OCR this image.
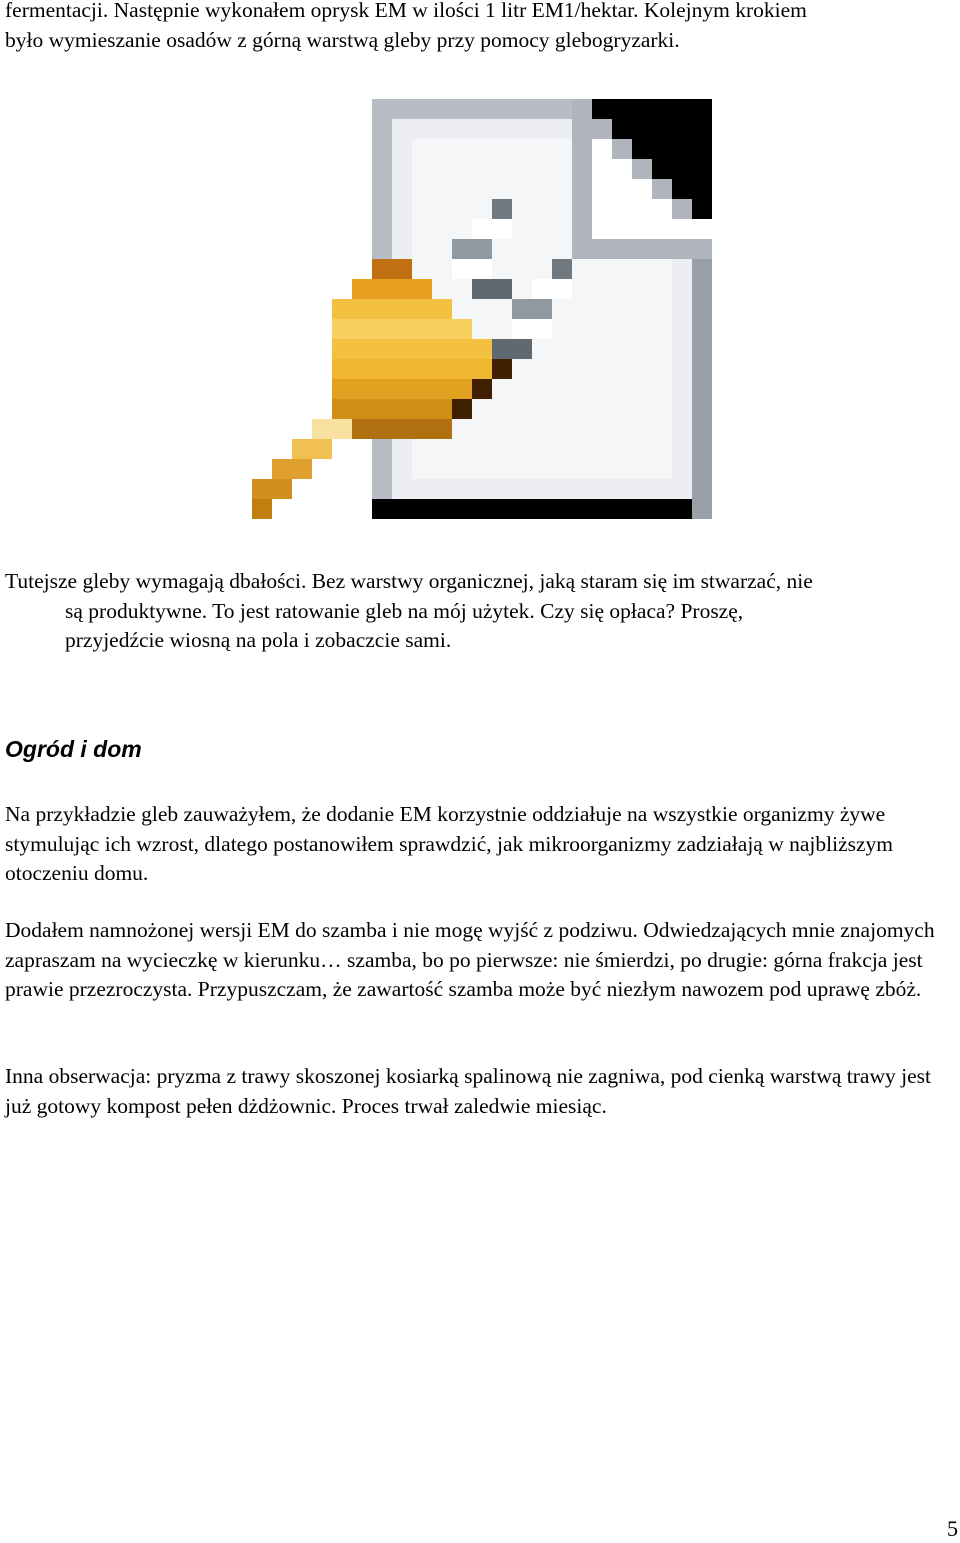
fermentacji. Następnie wykonałem oprysk EM w ilości 1 litr EM1/hektar. Kolejnym krokiem
było wymieszanie osadów z górną warstwą gleby przy pomocy glebogryzarki.

Tutejsze gleby wymagają dbałości. Bez warstwy organicznej, jaką staram się im stwarzać, nie
są produktywne. To jest ratowanie gleb na mój użytek. Czy się opłaca? Proszę,
przyjedźcie wiosną na pola i zobaczcie sami.

Ogród i dom

Na przykładzie gleb zauważyłem, że dodanie EM korzystnie oddziałuje na wszystkie organizmy żywe stymulując ich wzrost, dlatego postanowiłem sprawdzić, jak mikroorganizmy zadziałają w najbliższym otoczeniu domu.

Dodałem namnożonej wersji EM do szamba i nie mogę wyjść z podziwu. Odwiedzających mnie znajomych zapraszam na wycieczkę w kierunku… szamba, bo po pierwsze: nie śmierdzi, po drugie: górna frakcja jest prawie przezroczysta. Przypuszczam, że zawartość szamba może być niezłym nawozem pod uprawę zbóż.

Inna obserwacja: pryzma z trawy skoszonej kosiarką spalinową nie zagniwa, pod cienką warstwą trawy jest już gotowy kompost pełen dżdżownic. Proces trwał zaledwie miesiąc.

5
